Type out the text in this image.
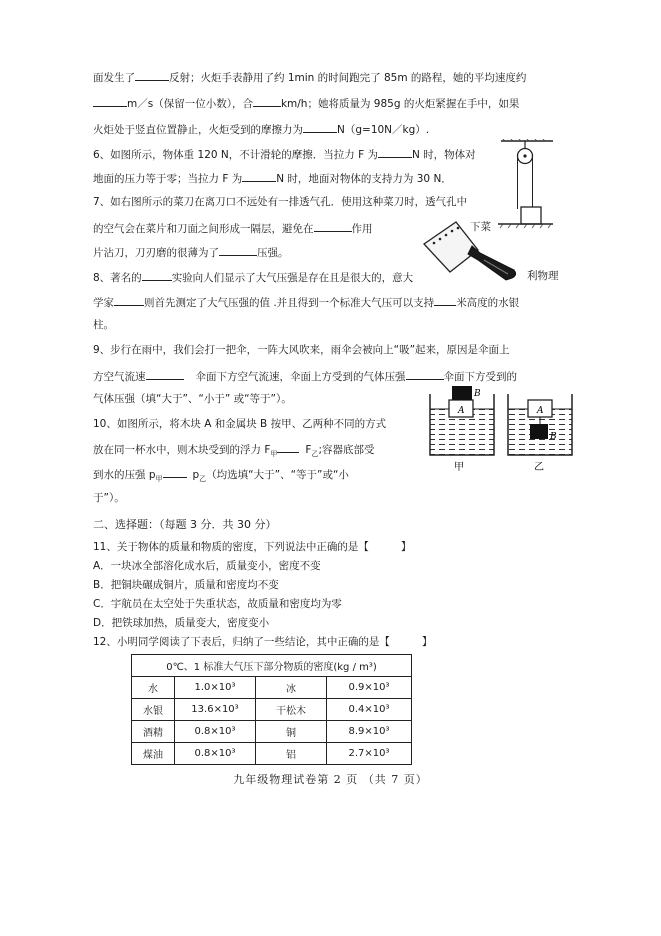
面发生了	反射；火炬手表静用了约 1min 的时间跑完了 85m 的路程，她的平均速度约
m／s（保留一位小数），合	km/h；她将质量为 985g 的火炬紧握在手中，如果
火炬处于竖直位置静止，火炬受到的摩擦力为	N（g=10N／kg）.
6、如图所示，物体重 120 N，不计滑轮的摩擦．当拉力 F 为	N 时，物体对
地面的压力等于零；当拉力 F 为	N 时，地面对物体的支持力为 30 N．
7、如右图所示的菜刀在离刀口不远处有一排透气孔．使用这种菜刀时，透气孔中
的空气会在菜片和刀面之间形成一隔层，避免在	作用	下菜
片沾刀，刀刃磨的很薄为了	压强。
8、著名的	实验向人们显示了大气压强是存在且是很大的，意大	利物理
学家	则首先测定了大气压强的值 .并且得到一个标准大气压可以支持 米高度的水银
柱。
9、步行在雨中，我们会打一把伞，一阵大风吹来，雨伞会被向上“吸”起来，原因是伞面上
方空气流速	伞面下方空气流速，伞面上方受到的气体压强	伞面下方受到的
气体压强（填“大于”、“小于” 或“等于”）。
10、如图所示，将木块 A 和金属块 B 按甲、乙两种不同的方式
放在同一杯水中，则木块受到的浮力 $F_甲$	$F_乙$;容器底部受
到水的压强 $p_甲$	$p_乙$（均选填“大于”、“等于”或“小
于”）。
二、选择题：（每题 3 分．共 30 分）
11、关于物体的质量和物质的密度，下列说法中正确的是【	】
A．一块冰全部溶化成水后，质量变小，密度不变
B．把铜块碾成铜片，质量和密度均不变
C．宇航员在太空处于失重状态，故质量和密度均为零
D．把铁球加热，质量变大，密度变小
12、小明同学阅读了下表后，归纳了一些结论，其中正确的是【	】
0℃、1 标准大气压下部分物质的密度(kg / m³)			
水	1.0×10³	冰	0.9×10³
水银	13.6×10³	干松木	0.4×10³
酒精	0.8×10³	铜	8.9×10³
煤油	0.8×10³	铝	2.7×10³
A
B
甲
A
B
乙
九年级物理试卷第 2 页 （共 7 页）
